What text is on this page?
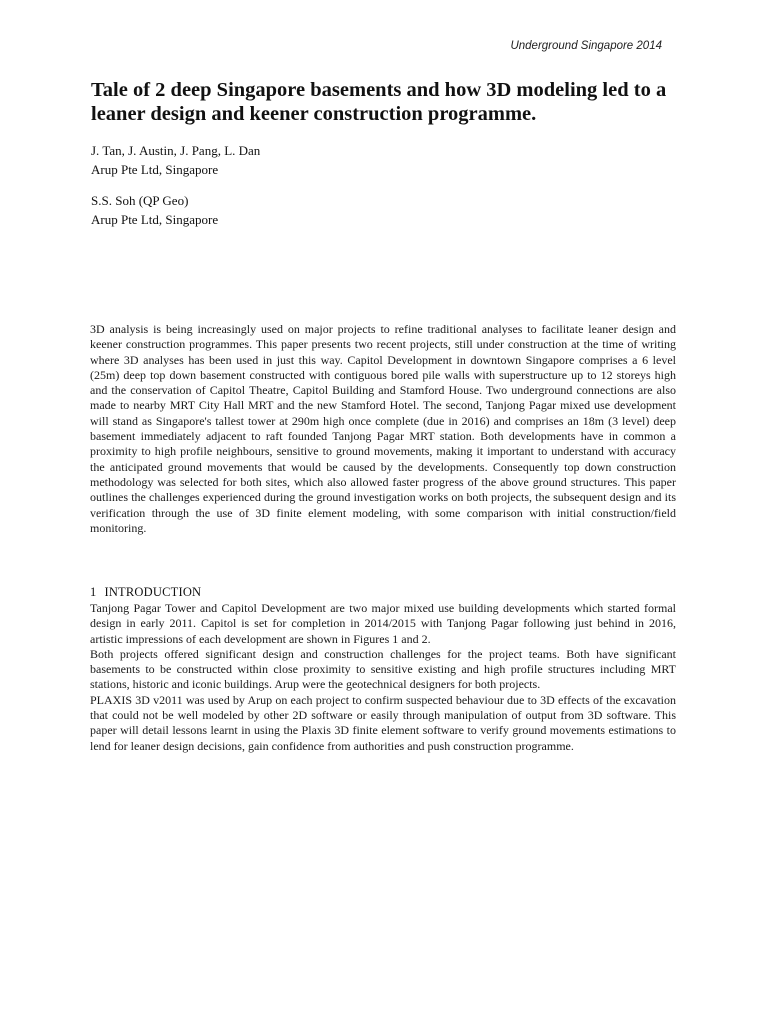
Underground Singapore 2014

Tale of 2 deep Singapore basements and how 3D modeling led to a leaner design and keener construction programme.

J. Tan, J. Austin, J. Pang, L. Dan

Arup Pte Ltd, Singapore

S.S. Soh (QP Geo)

Arup Pte Ltd, Singapore

3D analysis is being increasingly used on major projects to refine traditional analyses to facilitate leaner design and keener construction programmes. This paper presents two recent projects, still under construction at the time of writing where 3D analyses has been used in just this way. Capitol Development in downtown Singapore comprises a 6 level (25m) deep top down basement constructed with contiguous bored pile walls with superstructure up to 12 storeys high and the conservation of Capitol Theatre, Capitol Building and Stamford House. Two underground connections are also made to nearby MRT City Hall MRT and the new Stamford Hotel. The second, Tanjong Pagar mixed use development will stand as Singapore's tallest tower at 290m high once complete (due in 2016) and comprises an 18m (3 level) deep basement immediately adjacent to raft founded Tanjong Pagar MRT station. Both developments have in common a proximity to high profile neighbours, sensitive to ground movements, making it important to understand with accuracy the anticipated ground movements that would be caused by the developments. Consequently top down construction methodology was selected for both sites, which also allowed faster progress of the above ground structures. This paper outlines the challenges experienced during the ground investigation works on both projects, the subsequent design and its verification through the use of 3D finite element modeling, with some comparison with initial construction/field monitoring.

1 INTRODUCTION

Tanjong Pagar Tower and Capitol Development are two major mixed use building developments which started formal design in early 2011. Capitol is set for completion in 2014/2015 with Tanjong Pagar following just behind in 2016, artistic impressions of each development are shown in Figures 1 and 2.

Both projects offered significant design and construction challenges for the project teams. Both have significant basements to be constructed within close proximity to sensitive existing and high profile structures including MRT stations, historic and iconic buildings. Arup were the geotechnical designers for both projects.

PLAXIS 3D v2011 was used by Arup on each project to confirm suspected behaviour due to 3D effects of the excavation that could not be well modeled by other 2D software or easily through manipulation of output from 3D software. This paper will detail lessons learnt in using the Plaxis 3D finite element software to verify ground movements estimations to lend for leaner design decisions, gain confidence from authorities and push construction programme.
